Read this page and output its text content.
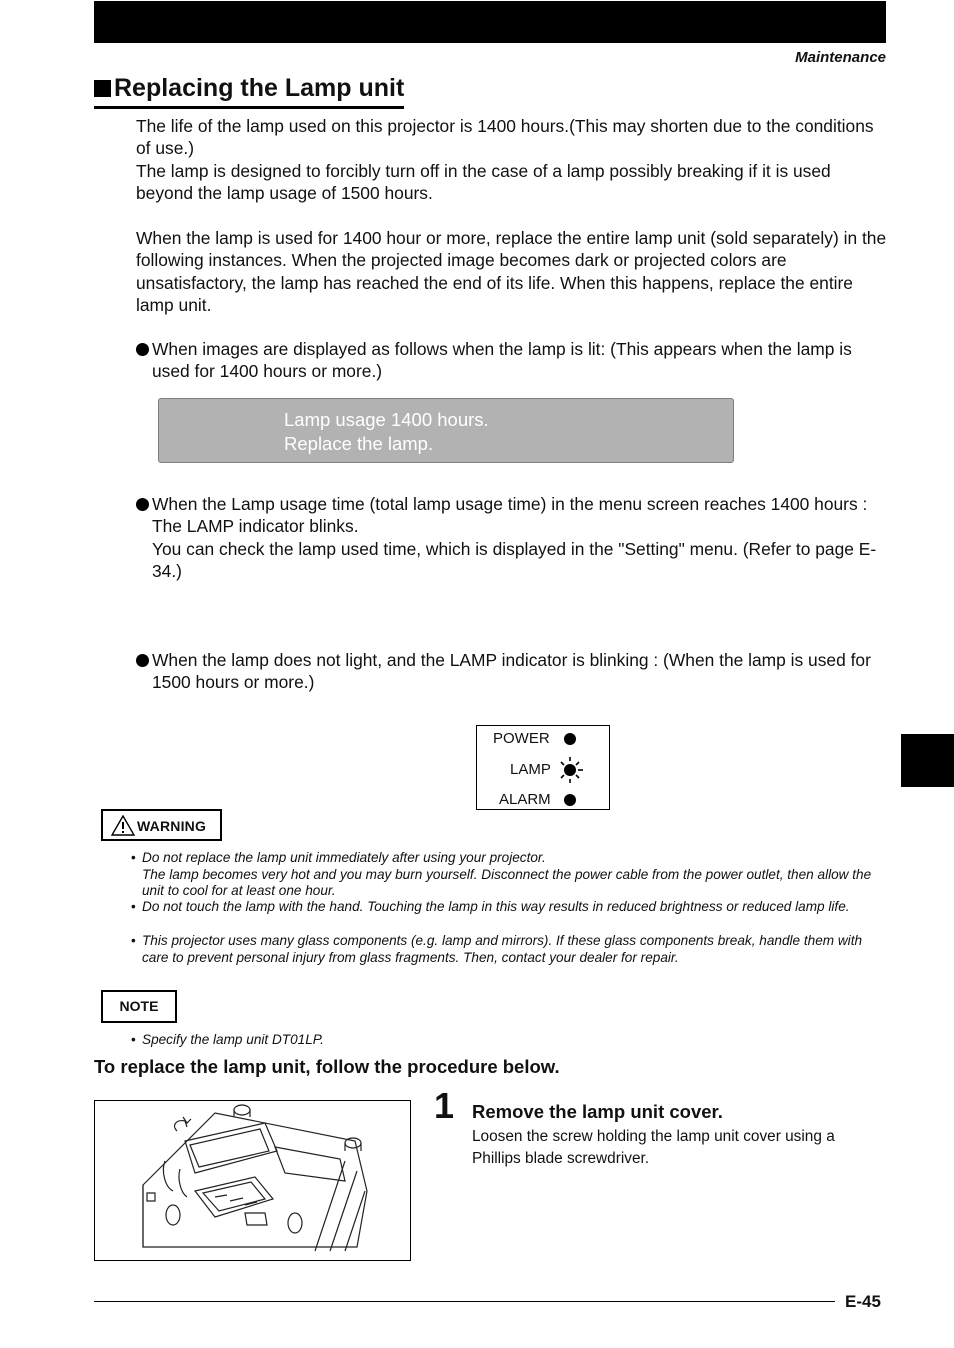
Maintenance
Replacing the Lamp unit
The life of the lamp used on this projector is 1400 hours.(This may shorten due to the conditions of use.)
The lamp is designed to forcibly turn off in the case of a lamp possibly breaking if it is used beyond the lamp usage of 1500 hours.
When the lamp is used for 1400 hour or more, replace the entire lamp unit (sold separately) in the following instances. When the projected image becomes dark or projected colors are unsatisfactory, the lamp has reached the end of its life. When this happens, replace the entire lamp unit.
When images are displayed as follows when the lamp is lit: (This appears when the lamp is used for 1400 hours or more.)
Lamp usage 1400 hours.
Replace the lamp.
When the Lamp usage time (total lamp usage time) in the menu screen reaches 1400 hours : The LAMP indicator blinks.
You can check the lamp used time, which is displayed in the "Setting" menu. (Refer to page E-34.)
When the lamp does not light, and the LAMP indicator is blinking : (When the lamp is used for 1500 hours or more.)
POWER
LAMP
ALARM
WARNING
• Do not replace the lamp unit immediately after using your projector.
The lamp becomes very hot and you may burn yourself. Disconnect the power cable from the power outlet, then allow the unit to cool for at least one hour.
• Do not touch the lamp with the hand. Touching the lamp in this way results in reduced brightness or reduced lamp life.
• This projector uses many glass components (e.g. lamp and mirrors). If these glass components break, handle them with care to prevent personal injury from glass fragments. Then, contact your dealer for repair.
NOTE
• Specify the lamp unit DT01LP.
To replace the lamp unit, follow the procedure below.
1 Remove the lamp unit cover.
Loosen the screw holding the lamp unit cover using a Phillips blade screwdriver.
E-45
